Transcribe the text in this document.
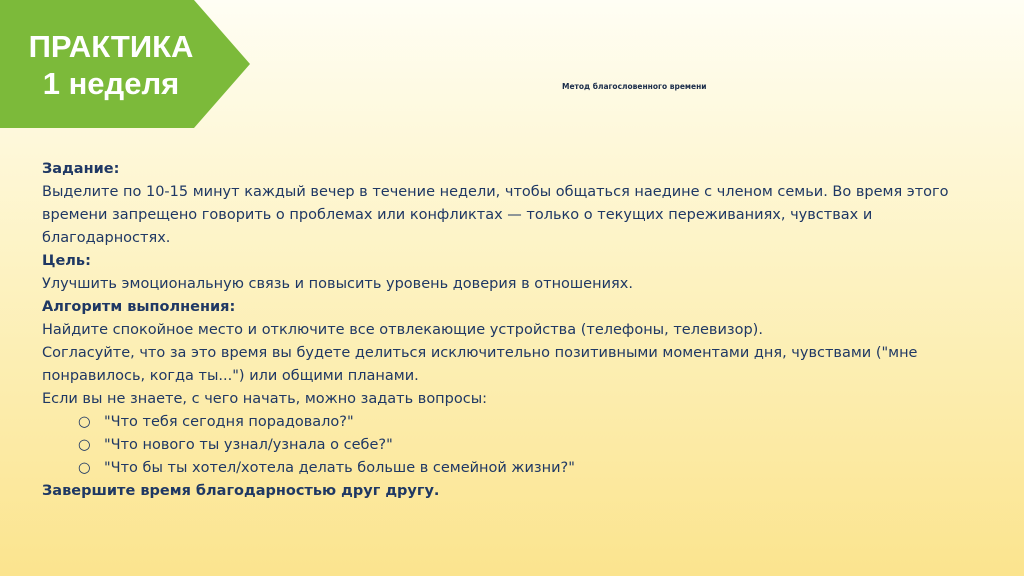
ПРАКТИКА
1 неделя	Метод благословенного времени

Задание:

Выделите по 10-15 минут каждый вечер в течение недели, чтобы общаться наедине с членом семьи. Во время этого времени запрещено говорить о проблемах или конфликтах — только о текущих переживаниях, чувствах и благодарностях.

Цель:

Улучшить эмоциональную связь и повысить уровень доверия в отношениях.

Алгоритм выполнения:

Найдите спокойное место и отключите все отвлекающие устройства (телефоны, телевизор).

Согласуйте, что за это время вы будете делиться исключительно позитивными моментами дня, чувствами ("мне понравилось, когда ты...") или общими планами.

Если вы не знаете, с чего начать, можно задать вопросы:

○ "Что тебя сегодня порадовало?"
○ "Что нового ты узнал/узнала о себе?"
○ "Что бы ты хотел/хотела делать больше в семейной жизни?"

Завершите время благодарностью друг другу.
